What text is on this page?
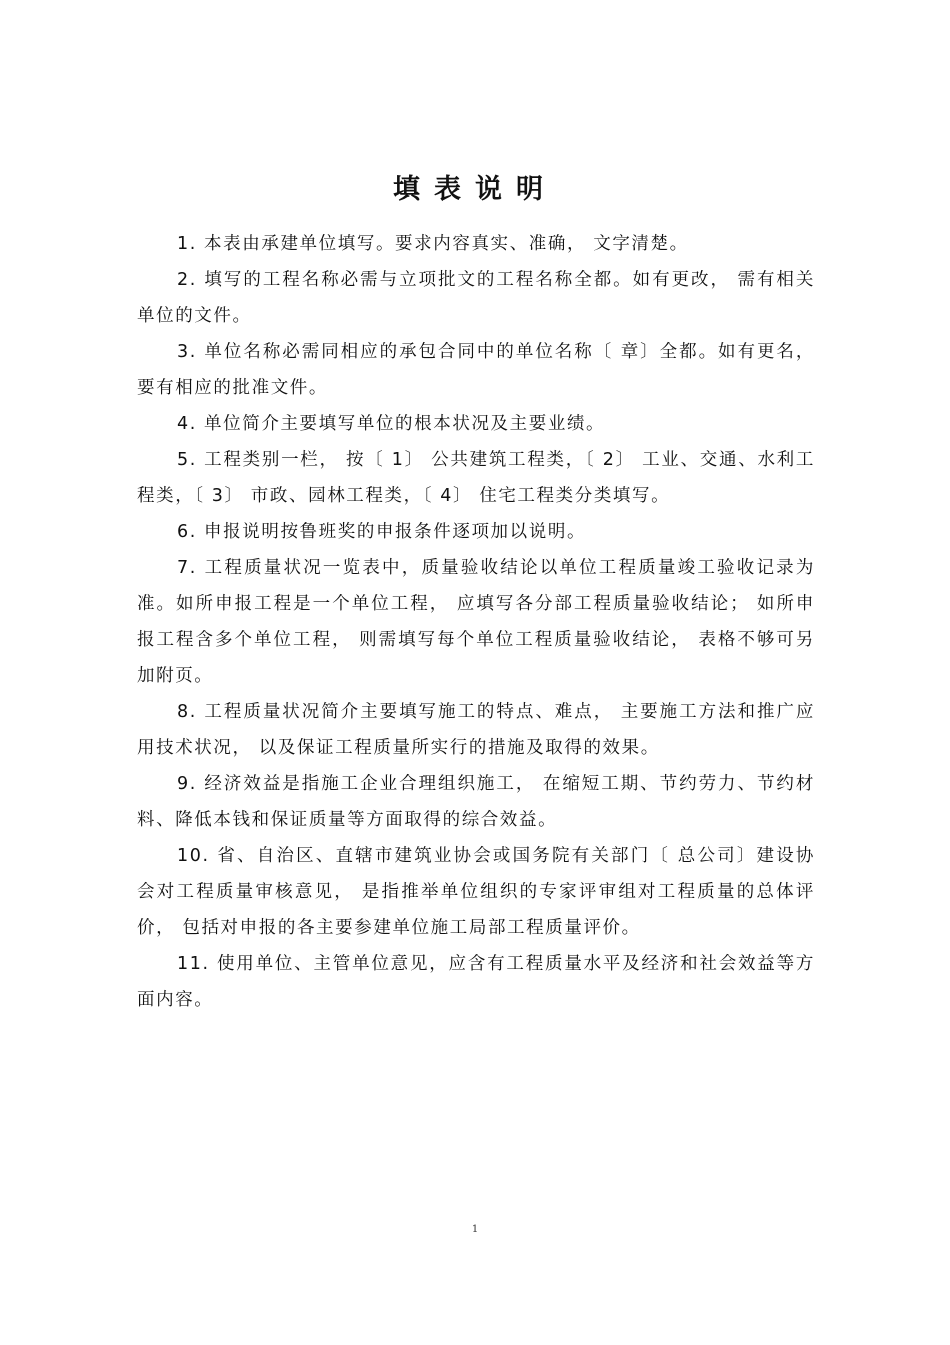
填表说明

1. 本表由承建单位填写。要求内容真实、准确， 文字清楚。

2. 填写的工程名称必需与立项批文的工程名称全都。如有更改， 需有相关单位的文件。

3. 单位名称必需同相应的承包合同中的单位名称〔 章〕全都。如有更名， 要有相应的批准文件。

4. 单位简介主要填写单位的根本状况及主要业绩。

5. 工程类别一栏， 按〔 1〕 公共建筑工程类，〔 2〕 工业、交通、水利工程类，〔 3〕 市政、园林工程类，〔 4〕 住宅工程类分类填写。

6. 申报说明按鲁班奖的申报条件逐项加以说明。

7. 工程质量状况一览表中，质量验收结论以单位工程质量竣工验收记录为准。如所申报工程是一个单位工程， 应填写各分部工程质量验收结论； 如所申报工程含多个单位工程， 则需填写每个单位工程质量验收结论， 表格不够可另加附页。

8. 工程质量状况简介主要填写施工的特点、难点， 主要施工方法和推广应用技术状况， 以及保证工程质量所实行的措施及取得的效果。

9. 经济效益是指施工企业合理组织施工， 在缩短工期、节约劳力、节约材料、降低本钱和保证质量等方面取得的综合效益。

10. 省、自治区、直辖市建筑业协会或国务院有关部门〔 总公司〕建设协会对工程质量审核意见， 是指推举单位组织的专家评审组对工程质量的总体评价， 包括对申报的各主要参建单位施工局部工程质量评价。

11. 使用单位、主管单位意见，应含有工程质量水平及经济和社会效益等方面内容。

1
